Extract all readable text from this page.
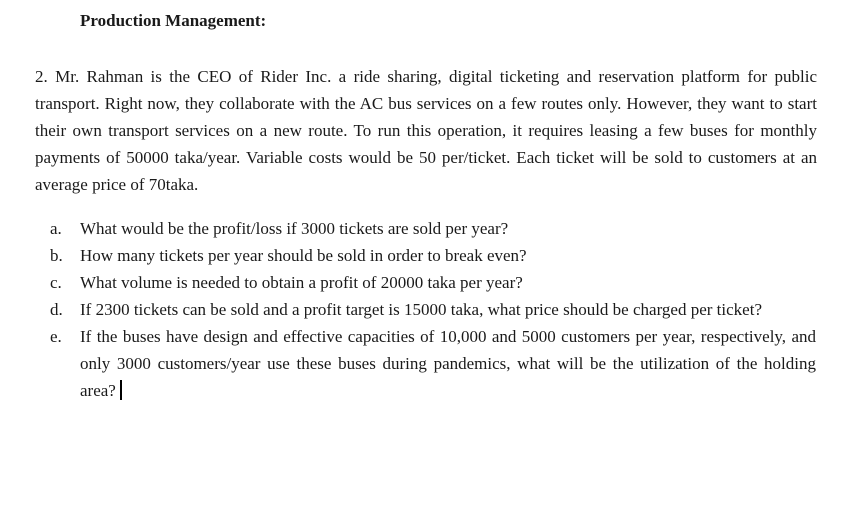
Production Management:

2. Mr. Rahman is the CEO of Rider Inc. a ride sharing, digital ticketing and reservation platform for public transport. Right now, they collaborate with the AC bus services on a few routes only. However, they want to start their own transport services on a new route. To run this operation, it requires leasing a few buses for monthly payments of 50000 taka/year. Variable costs would be 50 per/ticket. Each ticket will be sold to customers at an average price of 70taka.

a. What would be the profit/loss if 3000 tickets are sold per year?
b. How many tickets per year should be sold in order to break even?
c. What volume is needed to obtain a profit of 20000 taka per year?
d. If 2300 tickets can be sold and a profit target is 15000 taka, what price should be charged per ticket?
e. If the buses have design and effective capacities of 10,000 and 5000 customers per year, respectively, and only 3000 customers/year use these buses during pandemics, what will be the utilization of the holding area?
